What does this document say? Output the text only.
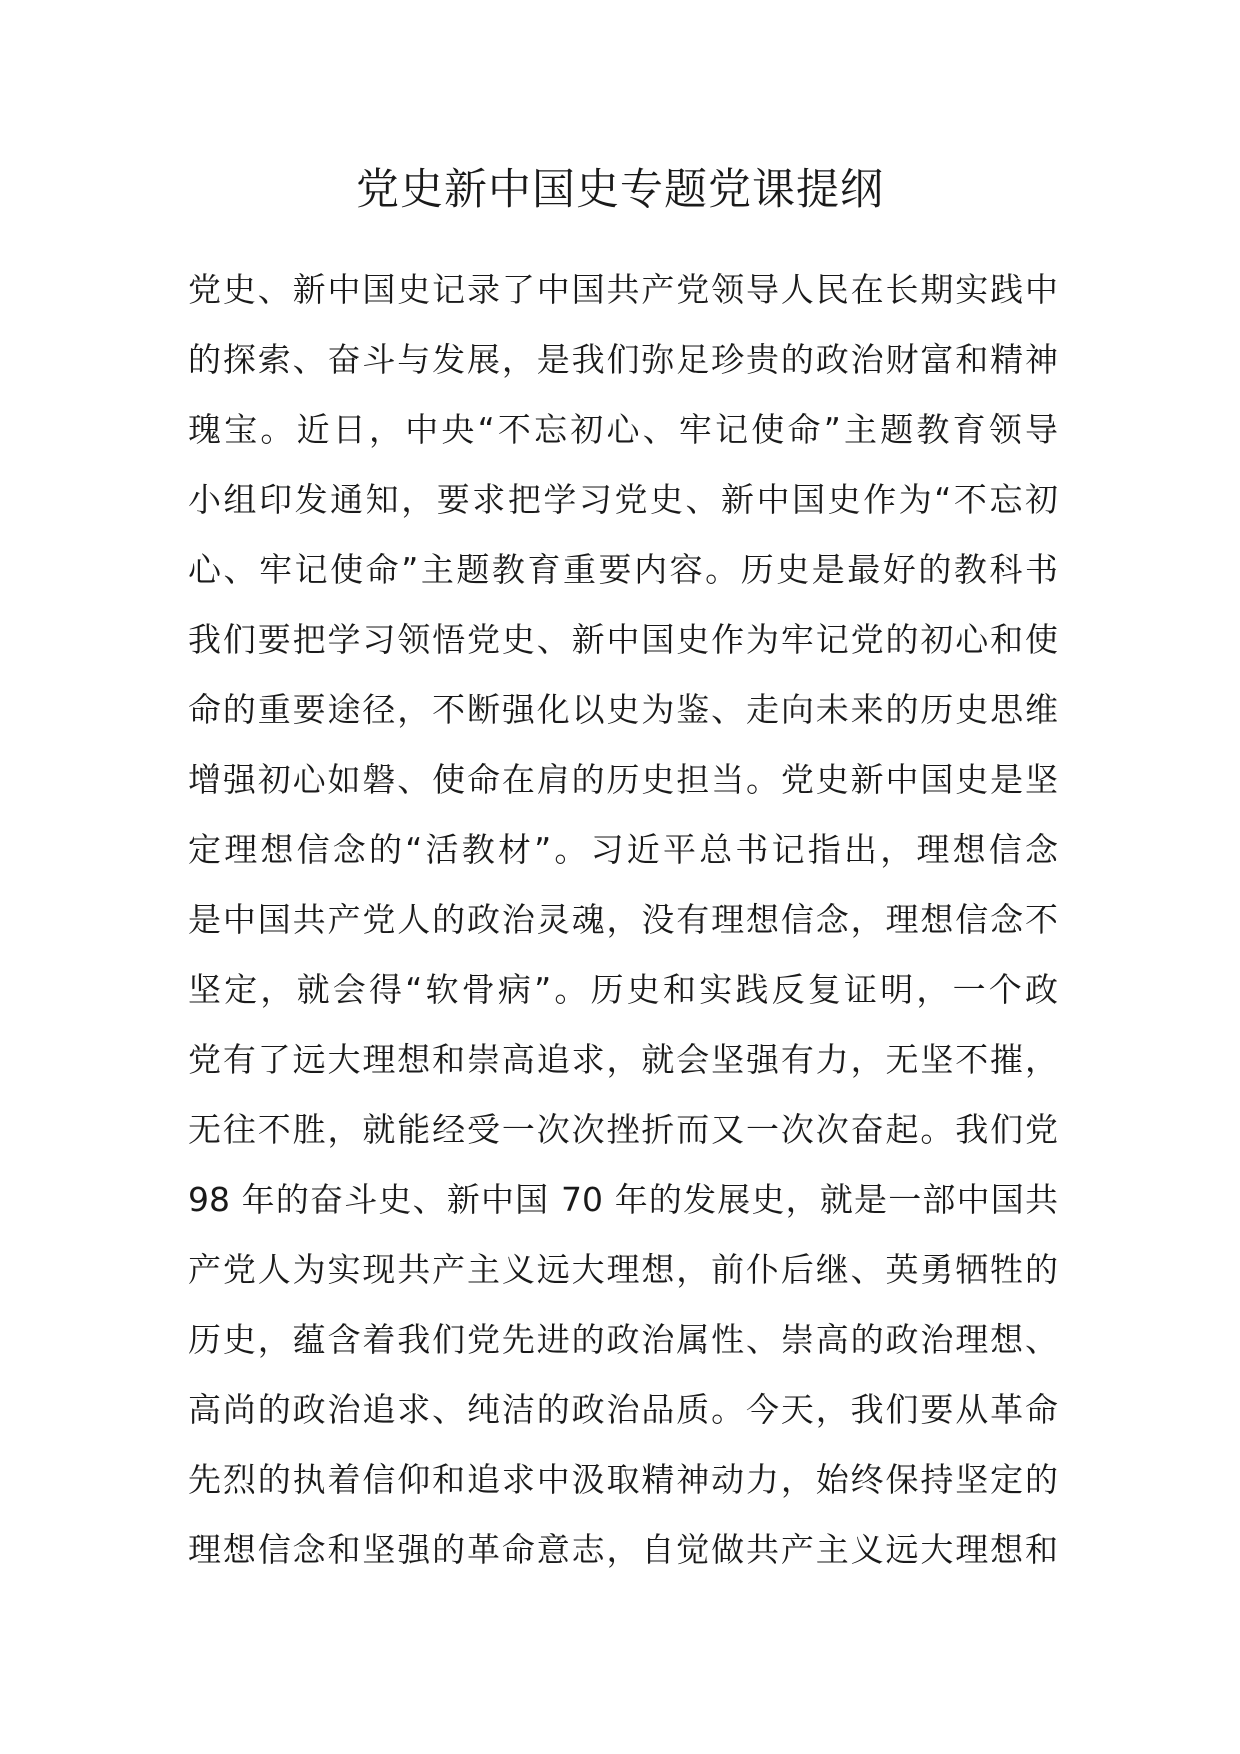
党史新中国史专题党课提纲
党史、新中国史记录了中国共产党领导人民在长期实践中
的探索、奋斗与发展，是我们弥足珍贵的政治财富和精神
瑰宝。近日，中央“不忘初心、牢记使命”主题教育领导
小组印发通知，要求把学习党史、新中国史作为“不忘初
心、牢记使命”主题教育重要内容。历史是最好的教科书
我们要把学习领悟党史、新中国史作为牢记党的初心和使
命的重要途径，不断强化以史为鉴、走向未来的历史思维
增强初心如磐、使命在肩的历史担当。党史新中国史是坚
定理想信念的“活教材”。习近平总书记指出，理想信念
是中国共产党人的政治灵魂，没有理想信念，理想信念不
坚定，就会得“软骨病”。历史和实践反复证明，一个政
党有了远大理想和崇高追求，就会坚强有力，无坚不摧，
无往不胜，就能经受一次次挫折而又一次次奋起。我们党
98 年的奋斗史、新中国 70 年的发展史，就是一部中国共
产党人为实现共产主义远大理想，前仆后继、英勇牺牲的
历史，蕴含着我们党先进的政治属性、崇高的政治理想、
高尚的政治追求、纯洁的政治品质。今天，我们要从革命
先烈的执着信仰和追求中汲取精神动力，始终保持坚定的
理想信念和坚强的革命意志，自觉做共产主义远大理想和
